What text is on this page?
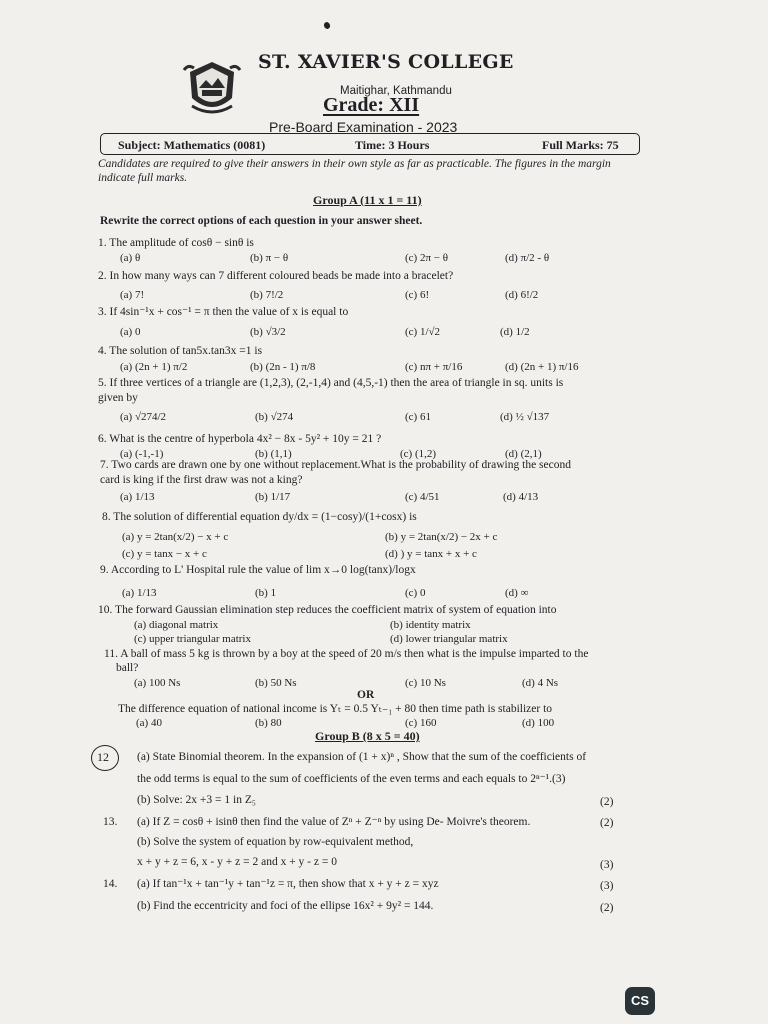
ST. XAVIER'S COLLEGE
Maitighar, Kathmandu
Grade: XII
Pre-Board Examination - 2023
Subject: Mathematics (0081)	Time: 3 Hours	Full Marks: 75
Candidates are required to give their answers in their own style as far as practicable. The figures in the margin indicate full marks.
Group A (11 x 1 = 11)
Rewrite the correct options of each question in your answer sheet.
1. The amplitude of cosθ − sinθ is
(a) θ	(b) π − θ	(c) 2π − θ	(d) π/2 - θ
2. In how many ways can 7 different coloured beads be made into a bracelet?
(a) 7!	(b) 7!/2	(c) 6!	(d) 6!/2
3. If 4sin⁻¹x + cos⁻¹ = π then the value of x is equal to
(a) 0	(b) √3/2	(c) 1/√2	(d) 1/2
4. The solution of tan5x.tan3x =1 is
(a) (2n + 1) π/2	(b) (2n - 1) π/8	(c) nπ + π/16	(d) (2n + 1) π/16
5. If three vertices of a triangle are (1,2,3), (2,-1,4) and (4,5,-1) then the area of triangle in sq. units is
given by
(a) √274/2	(b) √274	(c) 61	(d) ½ √137
6. What is the centre of hyperbola 4x² − 8x - 5y² + 10y = 21 ?
(a) (-1,-1)	(b) (1,1)	(c) (1,2)	(d) (2,1)
7. Two cards are drawn one by one without replacement.What is the probability of drawing the second
card is king if the first draw was not a king?
(a) 1/13	(b) 1/17	(c) 4/51	(d) 4/13
8. The solution of differential equation dy/dx = (1−cosy)/(1+cosx) is
(a) y = 2tan(x/2) − x + c	(b) y = 2tan(x/2) − 2x + c
(c) y = tanx − x + c	(d) ) y = tanx + x + c
9. According to L' Hospital rule the value of lim x→0 log(tanx)/logx
(a) 1/13	(b) 1	(c) 0	(d) ∞
10. The forward Gaussian elimination step reduces the coefficient matrix of system of equation into
(a) diagonal matrix	(b) identity matrix
(c) upper triangular matrix	(d) lower triangular matrix
11. A ball of mass 5 kg is thrown by a boy at the speed of 20 m/s then what is the impulse imparted to the
ball?
(a) 100 Ns	(b) 50 Ns	(c) 10 Ns	(d) 4 Ns
OR
The difference equation of national income is Yₜ = 0.5 Yₜ₋₁ + 80 then time path is stabilizer to
(a) 40	(b) 80	(c) 160	(d) 100
Group B (8 x 5 = 40)
12 (a) State Binomial theorem. In the expansion of (1 + x)ⁿ , Show that the sum of the coefficients of
the odd terms is equal to the sum of coefficients of the even terms and each equals to 2ⁿ⁻¹.(3)
(b) Solve: 2x +3 = 1 in Z₅	(2)
13. (a) If Z = cosθ + isinθ then find the value of Zⁿ + Z⁻ⁿ by using De- Moivre's theorem.	(2)
(b) Solve the system of equation by row-equivalent method,
x + y + z = 6, x - y + z = 2 and x + y - z = 0	(3)
14. (a) If tan⁻¹x + tan⁻¹y + tan⁻¹z = π, then show that x + y + z = xyz	(3)
(b) Find the eccentricity and foci of the ellipse 16x² + 9y² = 144.	(2)
CS
